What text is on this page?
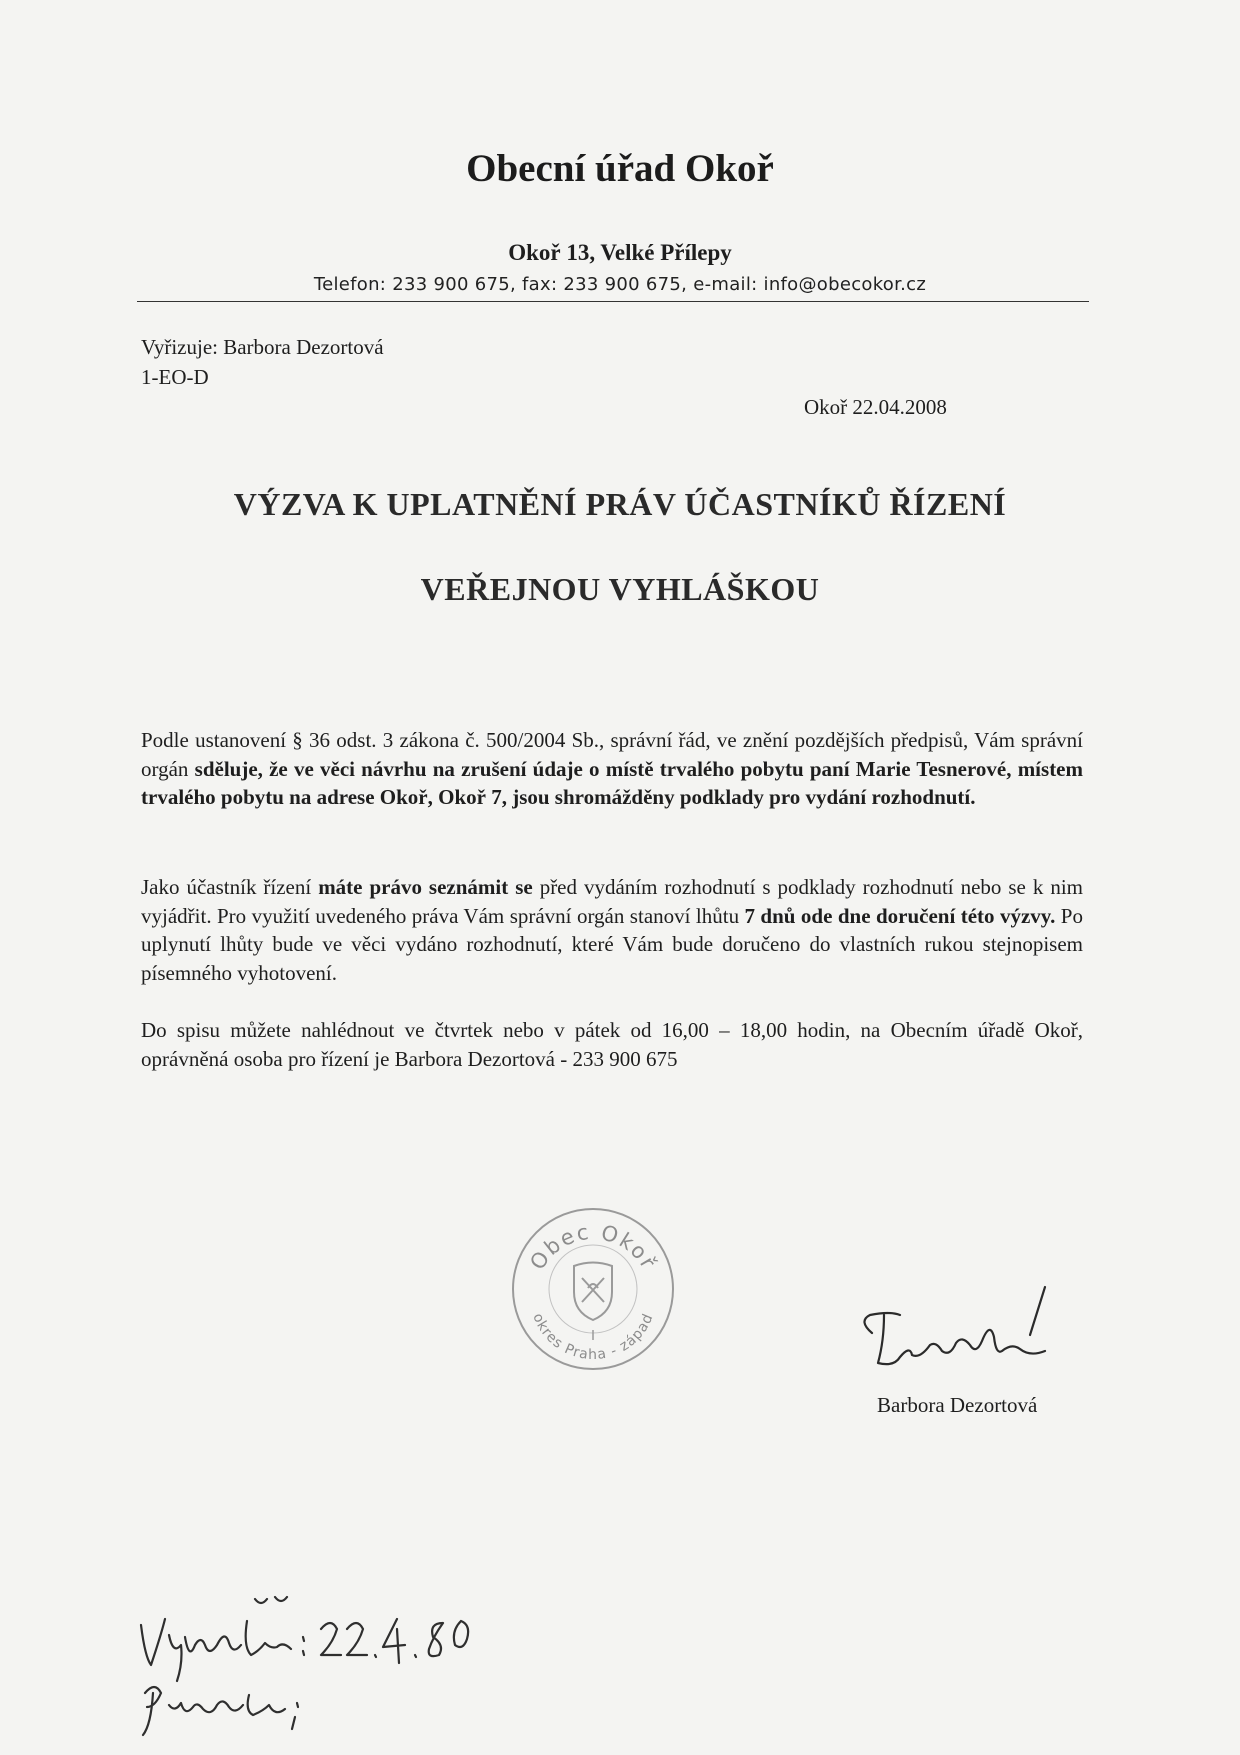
Obecní úřad Okoř
Okoř 13, Velké Přílepy
Telefon: 233 900 675, fax: 233 900 675, e-mail: info@obecokor.cz
Vyřizuje: Barbora Dezortová
1-EO-D
Okoř 22.04.2008
VÝZVA K UPLATNĚNÍ PRÁV ÚČASTNÍKŮ ŘÍZENÍ
VEŘEJNOU VYHLÁŠKOU
Podle ustanovení § 36 odst. 3 zákona č. 500/2004 Sb., správní řád, ve znění pozdějších předpisů, Vám správní orgán sděluje, že ve věci návrhu na zrušení údaje o místě trvalého pobytu paní Marie Tesnerové, místem trvalého pobytu na adrese Okoř, Okoř 7, jsou shromážděny podklady pro vydání rozhodnutí.
Jako účastník řízení máte právo seznámit se před vydáním rozhodnutí s podklady rozhodnutí nebo se k nim vyjádřit. Pro využití uvedeného práva Vám správní orgán stanoví lhůtu 7 dnů ode dne doručení této výzvy. Po uplynutí lhůty bude ve věci vydáno rozhodnutí, které Vám bude doručeno do vlastních rukou stejnopisem písemného vyhotovení.
Do spisu můžete nahlédnout ve čtvrtek nebo v pátek od 16,00 – 18,00 hodin, na Obecním úřadě Okoř, oprávněná osoba pro řízení je Barbora Dezortová - 233 900 675
Obec Okoř
okres Praha - západ
Barbora Dezortová
